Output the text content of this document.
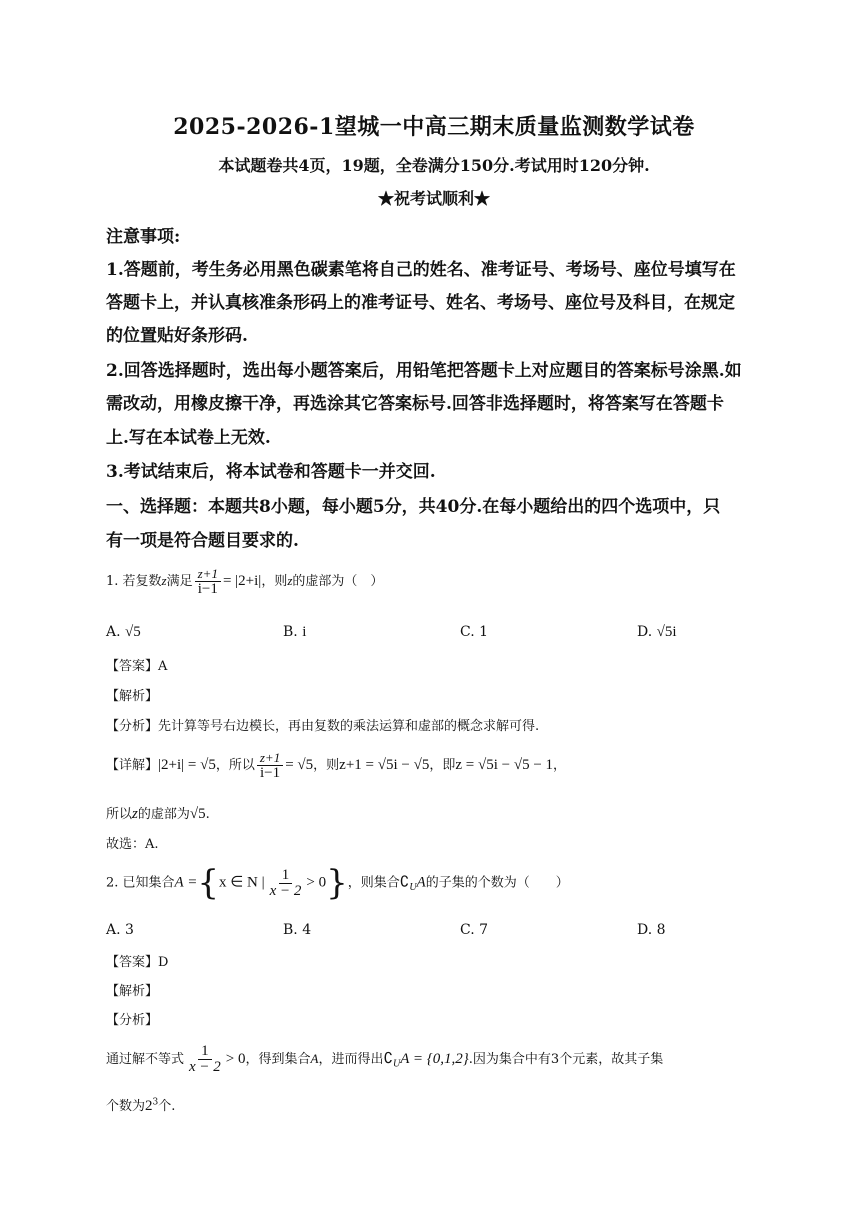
2025-2026-1望城一中高三期末质量监测数学试卷
本试题卷共4页，19题，全卷满分150分.考试用时120分钟.
★祝考试顺利★
注意事项:
1.答题前，考生务必用黑色碳素笔将自己的姓名、准考证号、考场号、座位号填写在
答题卡上，并认真核准条形码上的准考证号、姓名、考场号、座位号及科目，在规定
的位置贴好条形码.
2.回答选择题时，选出每小题答案后，用铅笔把答题卡上对应题目的答案标号涂黑.如
需改动，用橡皮擦干净，再选涂其它答案标号.回答非选择题时，将答案写在答题卡
上.写在本试卷上无效.
3.考试结束后，将本试卷和答题卡一并交回.
一、选择题：本题共8小题，每小题5分，共40分.在每小题给出的四个选项中，只
有一项是符合题目要求的.
1. 若复数z满足 $\frac{z+1}{i-1} = |2+i|$，则z的虚部为（　）
A. √5	B. i	C. 1	D. √5i
【答案】A
【解析】
【分析】先计算等号右边模长，再由复数的乘法运算和虚部的概念求解可得.
【详解】|2+i| = √5，所以 $\frac{z+1}{i-1} = √5$，则z+1 = √5i − √5，即z = √5i − √5 − 1，
所以z的虚部为√5.
故选：A.
2. 已知集合A ={x ∈ N | $\frac{1}{x - 2} > 0$}，则集合$∁_UA$的子集的个数为（　　）
A. 3	B. 4	C. 7	D. 8
【答案】D
【解析】
【分析】
通过解不等式 $\frac{1}{x - 2} > 0$，得到集合A，进而得出$∁_UA = \{0,1,2\}$.因为集合中有3个元素，故其子集
个数为$2^3$个.
